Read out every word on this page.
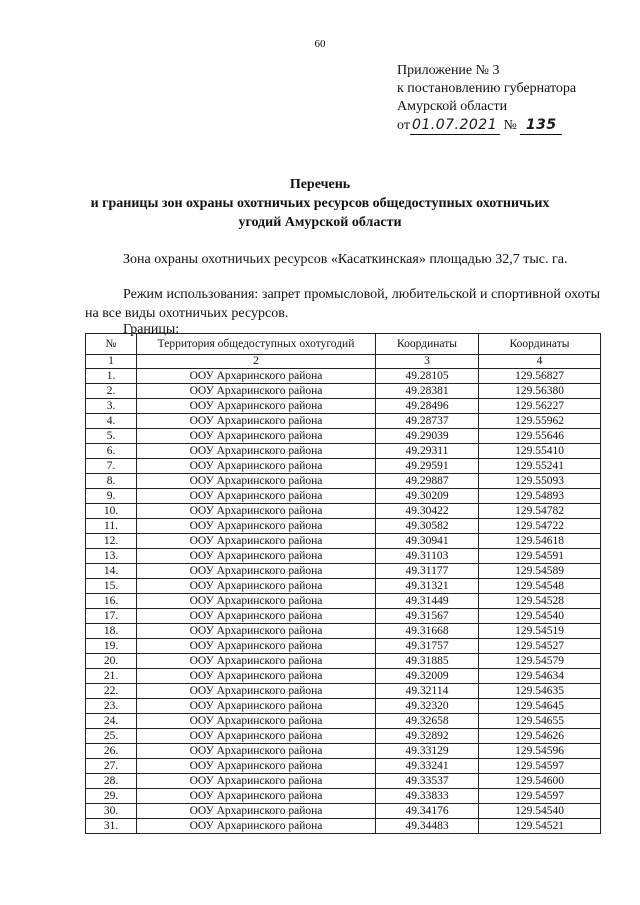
60
Приложение № 3
к постановлению губернатора
Амурской области
от 01.07.2021 № 135
Перечень
и границы зон охраны охотничьих ресурсов общедоступных охотничьих
угодий Амурской области
Зона охраны охотничьих ресурсов «Касаткинская» площадью 32,7 тыс. га.
Режим использования: запрет промысловой, любительской и спортивной охоты на все виды охотничьих ресурсов.
Границы:
№	Территория общедоступных охотугодий	Координаты	Координаты
1	2	3	4
1.	ООУ Архаринского района	49.28105	129.56827
2.	ООУ Архаринского района	49.28381	129.56380
3.	ООУ Архаринского района	49.28496	129.56227
4.	ООУ Архаринского района	49.28737	129.55962
5.	ООУ Архаринского района	49.29039	129.55646
6.	ООУ Архаринского района	49.29311	129.55410
7.	ООУ Архаринского района	49.29591	129.55241
8.	ООУ Архаринского района	49.29887	129.55093
9.	ООУ Архаринского района	49.30209	129.54893
10.	ООУ Архаринского района	49.30422	129.54782
11.	ООУ Архаринского района	49.30582	129.54722
12.	ООУ Архаринского района	49.30941	129.54618
13.	ООУ Архаринского района	49.31103	129.54591
14.	ООУ Архаринского района	49.31177	129.54589
15.	ООУ Архаринского района	49.31321	129.54548
16.	ООУ Архаринского района	49.31449	129.54528
17.	ООУ Архаринского района	49.31567	129.54540
18.	ООУ Архаринского района	49.31668	129.54519
19.	ООУ Архаринского района	49.31757	129.54527
20.	ООУ Архаринского района	49.31885	129.54579
21.	ООУ Архаринского района	49.32009	129.54634
22.	ООУ Архаринского района	49.32114	129.54635
23.	ООУ Архаринского района	49.32320	129.54645
24.	ООУ Архаринского района	49.32658	129.54655
25.	ООУ Архаринского района	49.32892	129.54626
26.	ООУ Архаринского района	49.33129	129.54596
27.	ООУ Архаринского района	49.33241	129.54597
28.	ООУ Архаринского района	49.33537	129.54600
29.	ООУ Архаринского района	49.33833	129.54597
30.	ООУ Архаринского района	49.34176	129.54540
31.	ООУ Архаринского района	49.34483	129.54521
